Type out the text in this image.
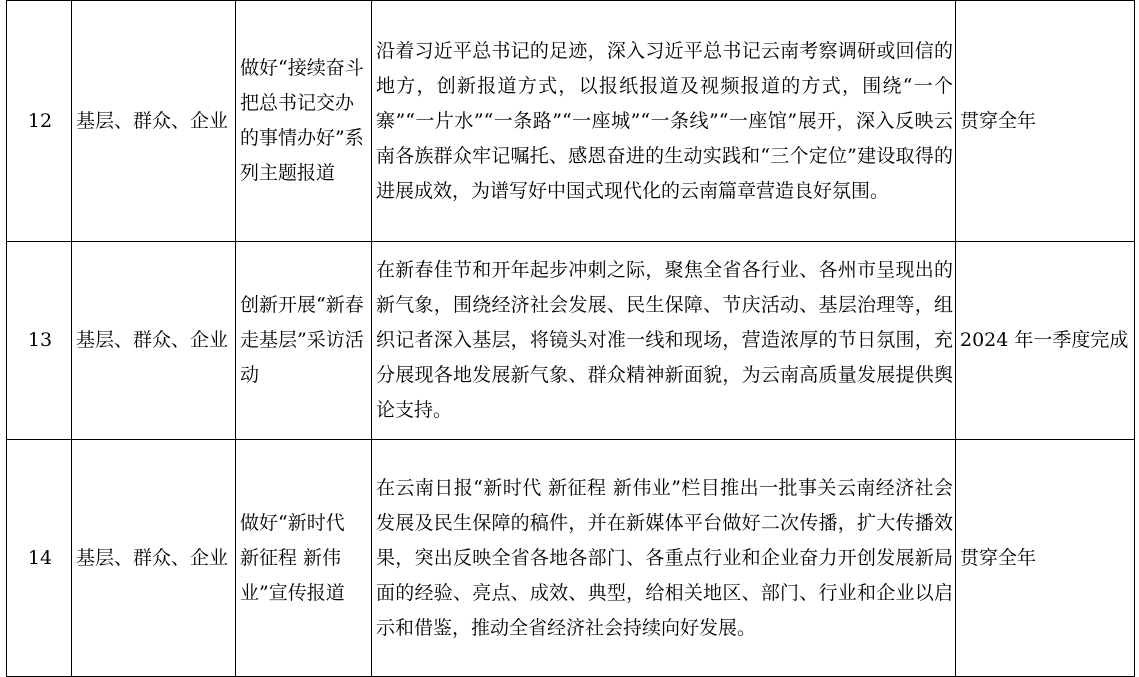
12	基层、群众、企业	做好“接续奋斗 把总书记交办的事情办好”系列主题报道	沿着习近平总书记的足迹，深入习近平总书记云南考察调研或回信的地方，创新报道方式，以报纸报道及视频报道的方式，围绕“一个寨”“一片水”“一条路”“一座城”“一条线”“一座馆”展开，深入反映云南各族群众牢记嘱托、感恩奋进的生动实践和“三个定位”建设取得的进展成效，为谱写好中国式现代化的云南篇章营造良好氛围。	贯穿全年
13	基层、群众、企业	创新开展“新春走基层”采访活动	在新春佳节和开年起步冲刺之际，聚焦全省各行业、各州市呈现出的新气象，围绕经济社会发展、民生保障、节庆活动、基层治理等，组织记者深入基层，将镜头对准一线和现场，营造浓厚的节日氛围，充分展现各地发展新气象、群众精神新面貌，为云南高质量发展提供舆论支持。	2024 年一季度完成
14	基层、群众、企业	做好“新时代 新征程 新伟业”宣传报道	在云南日报“新时代 新征程 新伟业”栏目推出一批事关云南经济社会发展及民生保障的稿件，并在新媒体平台做好二次传播，扩大传播效果，突出反映全省各地各部门、各重点行业和企业奋力开创发展新局面的经验、亮点、成效、典型，给相关地区、部门、行业和企业以启示和借鉴，推动全省经济社会持续向好发展。	贯穿全年
